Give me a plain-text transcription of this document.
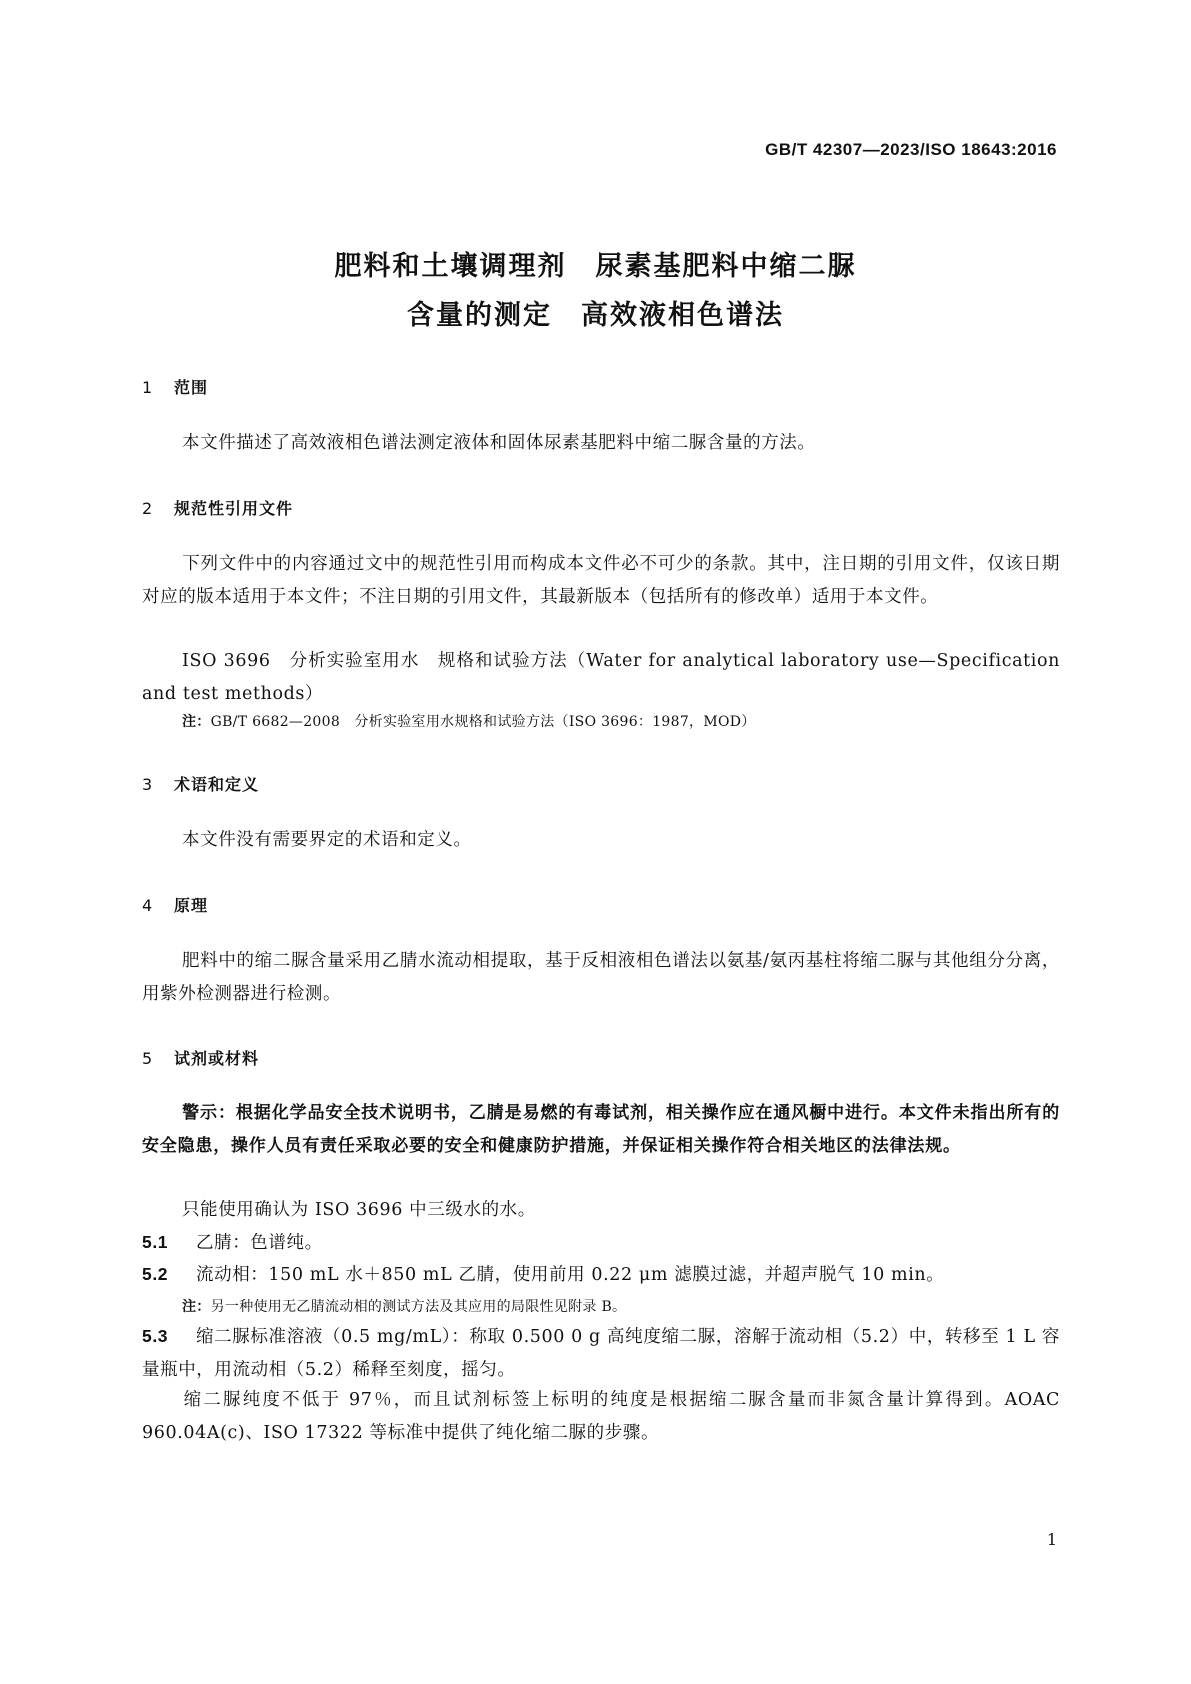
GB/T 42307—2023/ISO 18643:2016
肥料和土壤调理剂　尿素基肥料中缩二脲
含量的测定　高效液相色谱法
1 范围
本文件描述了高效液相色谱法测定液体和固体尿素基肥料中缩二脲含量的方法。
2 规范性引用文件
下列文件中的内容通过文中的规范性引用而构成本文件必不可少的条款。其中，注日期的引用文件，仅该日期对应的版本适用于本文件；不注日期的引用文件，其最新版本（包括所有的修改单）适用于本文件。
ISO 3696　分析实验室用水　规格和试验方法（Water for analytical laboratory use—Specification and test methods）
注：GB/T 6682—2008　分析实验室用水规格和试验方法（ISO 3696：1987，MOD）
3 术语和定义
本文件没有需要界定的术语和定义。
4 原理
肥料中的缩二脲含量采用乙腈水流动相提取，基于反相液相色谱法以氨基/氨丙基柱将缩二脲与其他组分分离，用紫外检测器进行检测。
5 试剂或材料
警示：根据化学品安全技术说明书，乙腈是易燃的有毒试剂，相关操作应在通风橱中进行。本文件未指出所有的安全隐患，操作人员有责任采取必要的安全和健康防护措施，并保证相关操作符合相关地区的法律法规。
只能使用确认为 ISO 3696 中三级水的水。
5.1 乙腈：色谱纯。
5.2 流动相：150 mL 水＋850 mL 乙腈，使用前用 0.22 μm 滤膜过滤，并超声脱气 10 min。
注：另一种使用无乙腈流动相的测试方法及其应用的局限性见附录 B。
5.3 缩二脲标准溶液（0.5 mg/mL）：称取 0.500 0 g 高纯度缩二脲，溶解于流动相（5.2）中，转移至 1 L 容量瓶中，用流动相（5.2）稀释至刻度，摇匀。
缩二脲纯度不低于 97％，而且试剂标签上标明的纯度是根据缩二脲含量而非氮含量计算得到。AOAC 960.04A(c)、ISO 17322 等标准中提供了纯化缩二脲的步骤。
1
